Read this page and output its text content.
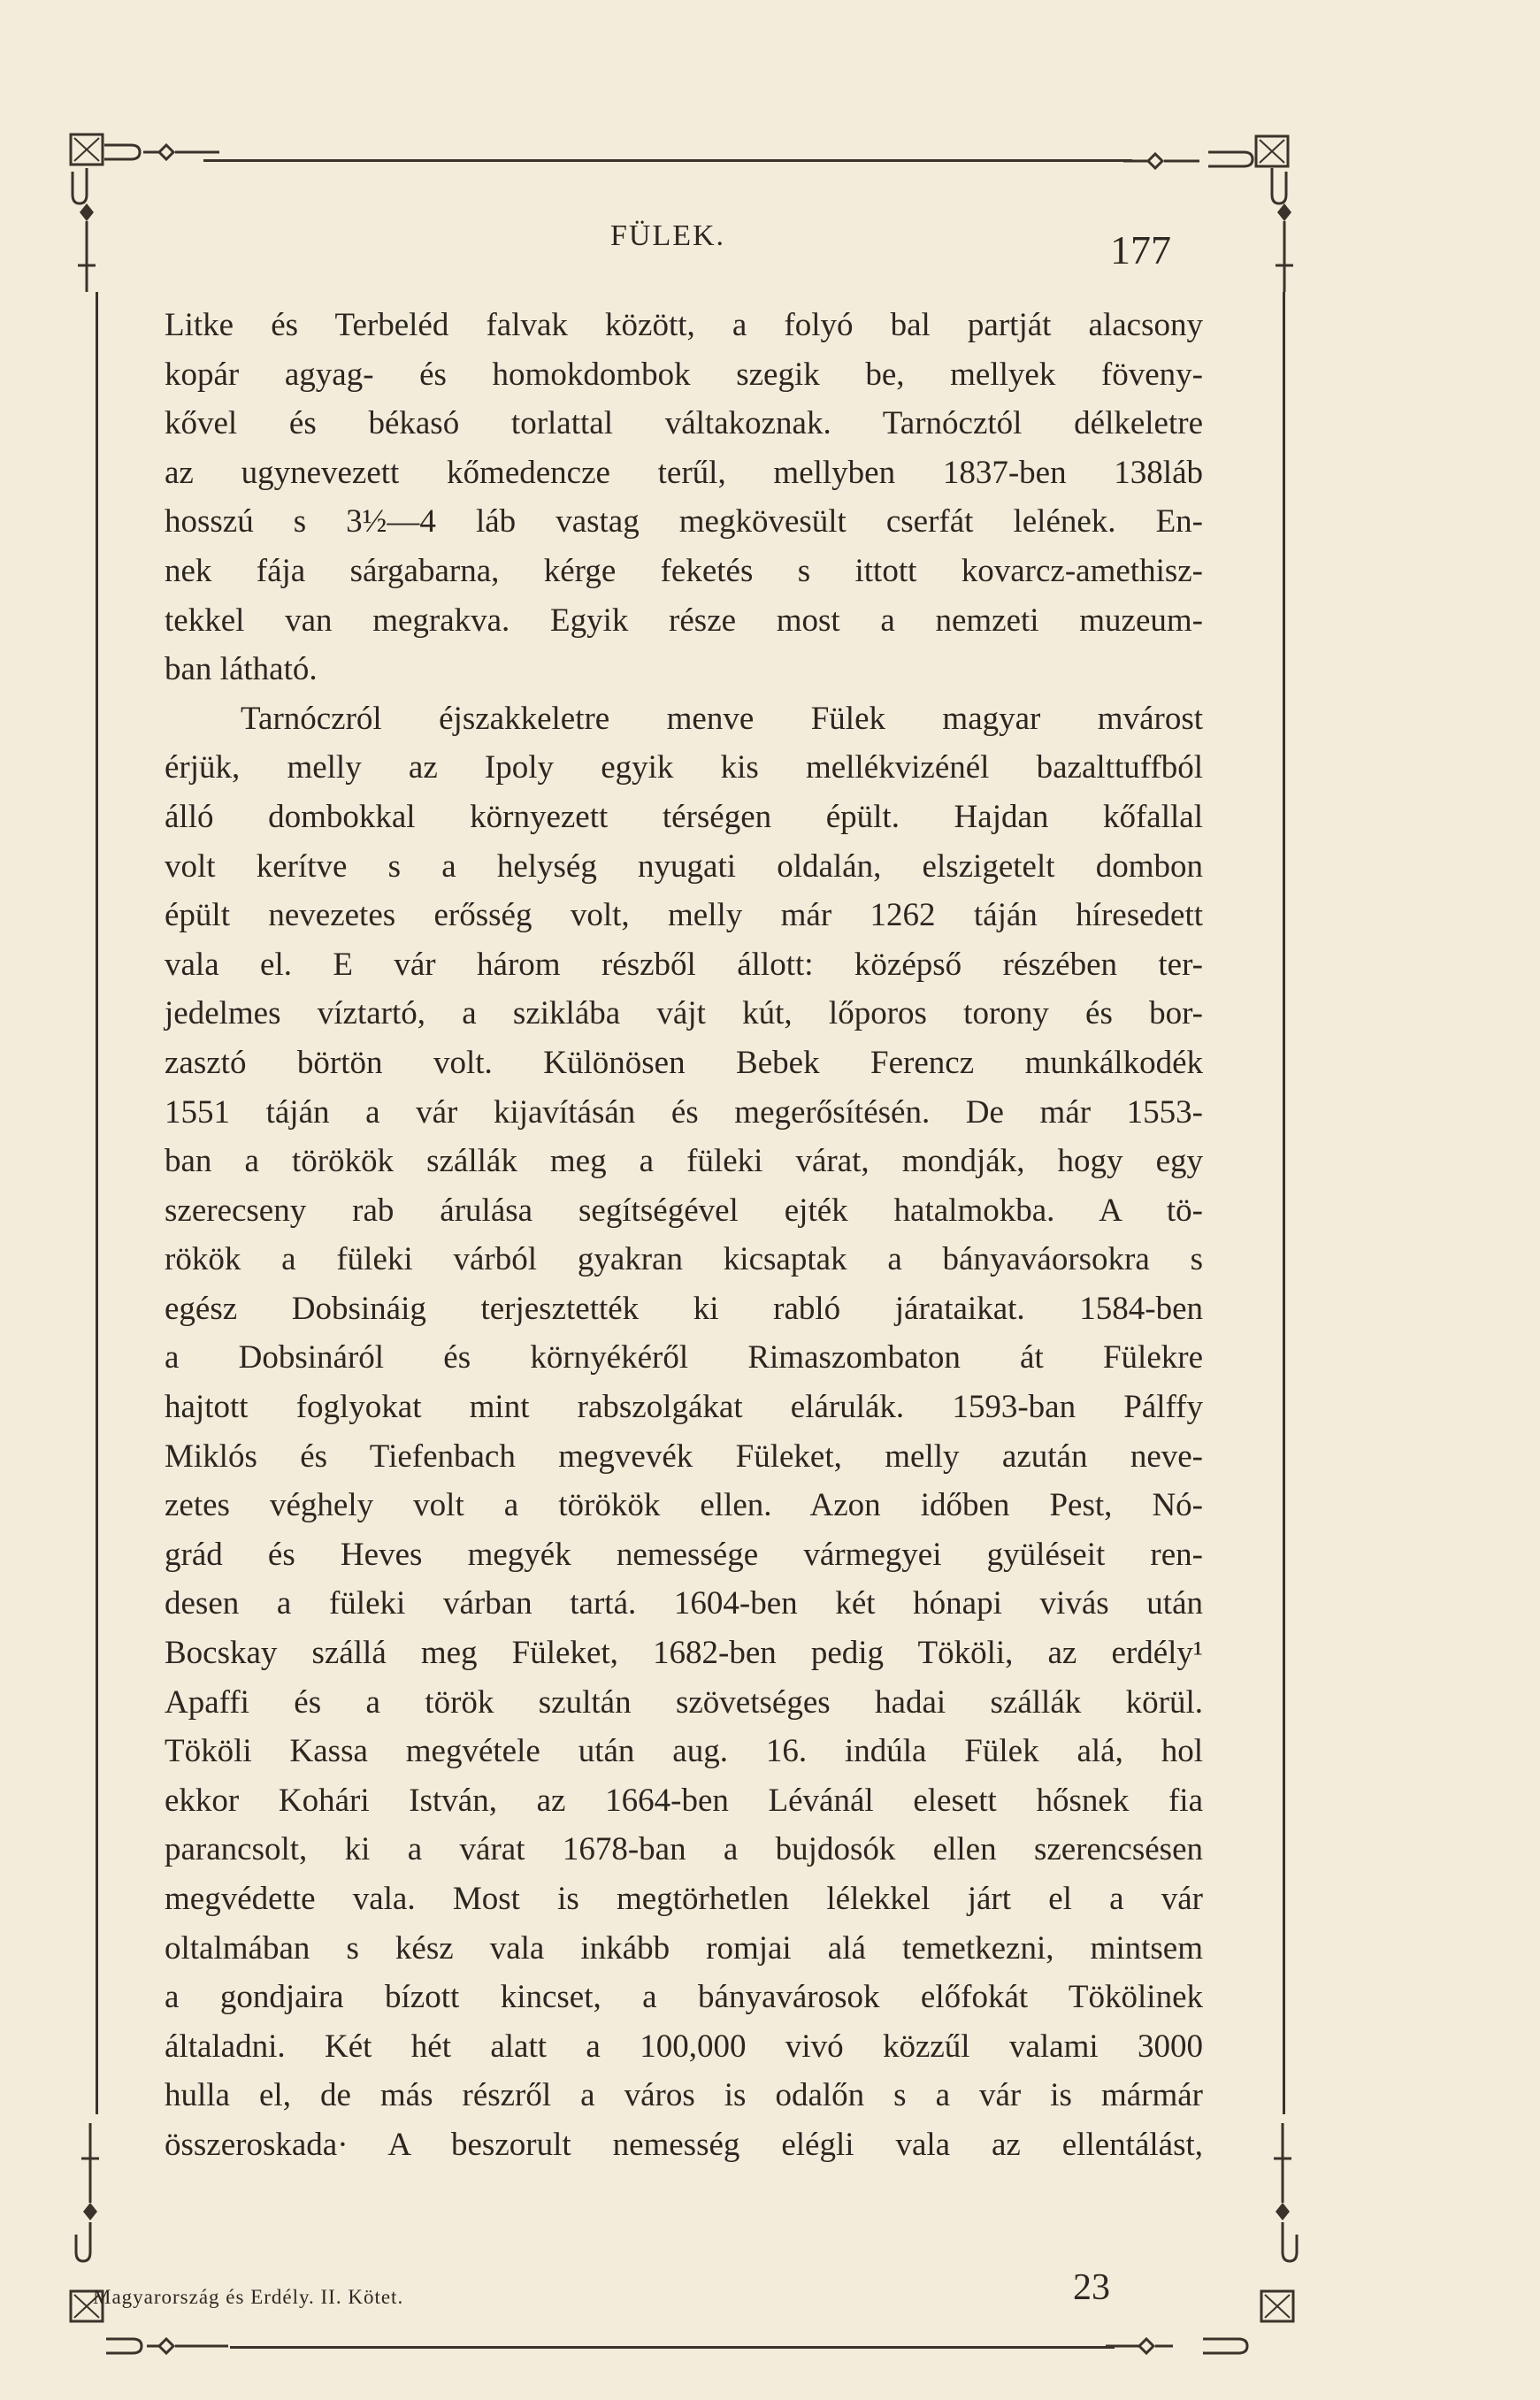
FÜLEK.	177
Litke és Terbeléd falvak között, a folyó bal partját alacsony
kopár agyag- és homokdombok szegik be, mellyek föveny-
kővel és békasó torlattal váltakoznak. Tarnócztól délkeletre
az ugynevezett kőmedencze terűl, mellyben 1837-ben 138láb
hosszú s 3½—4 láb vastag megkövesült cserfát lelének. En-
nek fája sárgabarna, kérge feketés s ittott kovarcz-amethisz-
tekkel van megrakva. Egyik része most a nemzeti muzeum-
ban látható.
Tarnóczról éjszakkeletre menve Fülek magyar mvárost
érjük, melly az Ipoly egyik kis mellékvizénél bazalttuffból
álló dombokkal környezett térségen épült. Hajdan kőfallal
volt kerítve s a helység nyugati oldalán, elszigetelt dombon
épült nevezetes erősség volt, melly már 1262 táján híresedett
vala el. E vár három részből állott: középső részében ter-
jedelmes víztartó, a sziklába vájt kút, lőporos torony és bor-
zasztó börtön volt. Különösen Bebek Ferencz munkálkodék
1551 táján a vár kijavításán és megerősítésén. De már 1553-
ban a törökök szállák meg a füleki várat, mondják, hogy egy
szerecseny rab árulása segítségével ejték hatalmokba. A tö-
rökök a füleki várból gyakran kicsaptak a bányaváorsokra s
egész Dobsináig terjesztették ki rabló járataikat. 1584-ben
a Dobsináról és környékéről Rimaszombaton át Fülekre
hajtott foglyokat mint rabszolgákat elárulák. 1593-ban Pálffy
Miklós és Tiefenbach megvevék Füleket, melly azután neve-
zetes véghely volt a törökök ellen. Azon időben Pest, Nó-
grád és Heves megyék nemessége vármegyei gyüléseit ren-
desen a füleki várban tartá. 1604-ben két hónapi vivás után
Bocskay szállá meg Füleket, 1682-ben pedig Tököli, az erdély¹
Apaffi és a török szultán szövetséges hadai szállák körül.
Tököli Kassa megvétele után aug. 16. indúla Fülek alá, hol
ekkor Kohári István, az 1664-ben Lévánál elesett hősnek fia
parancsolt, ki a várat 1678-ban a bujdosók ellen szerencsésen
megvédette vala. Most is megtörhetlen lélekkel járt el a vár
oltalmában s kész vala inkább romjai alá temetkezni, mintsem
a gondjaira bízott kincset, a bányavárosok előfokát Tökölinek
általadni. Két hét alatt a 100,000 vivó közzűl valami 3000
hulla el, de más részről a város is odalőn s a vár is mármár
összeroskada· A beszorult nemesség elégli vala az ellentálást,
Magyarország és Erdély. II. Kötet.	23
